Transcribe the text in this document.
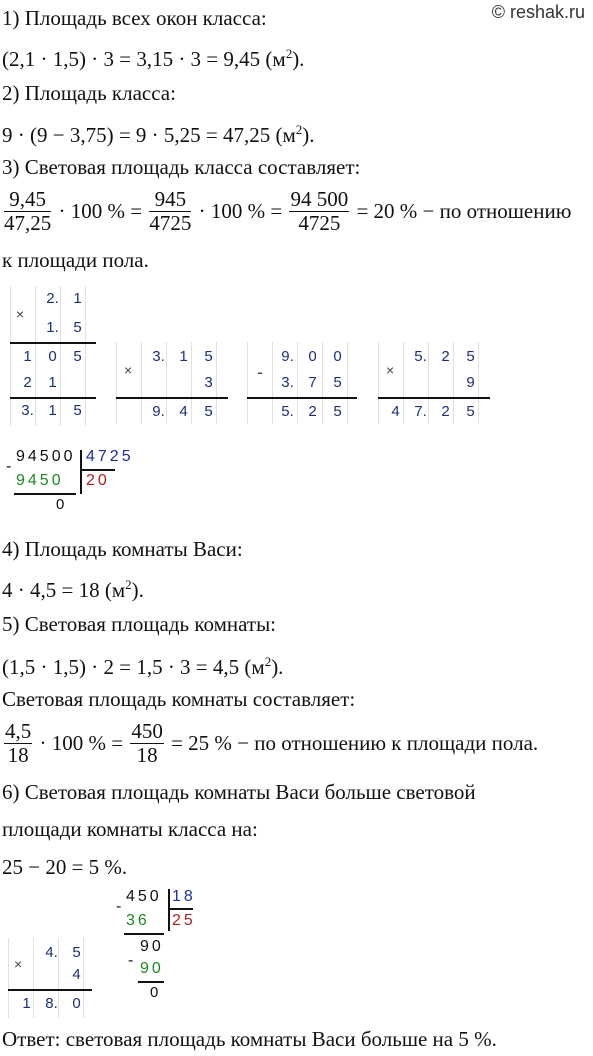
© reshak.ru
1) Площадь всех окон класса:
(2,1 · 1,5) · 3 = 3,15 · 3 = 9,45 $(м^2)$.
2) Площадь класса:
9 · (9 − 3,75) = 9 · 5,25 = 47,25 $(м^2)$.
3) Световая площадь класса составляет:
$\frac{9,45}{47,25} \cdot 100$ % = $\frac{945}{4725} \cdot 100$ % = $\frac{94 500}{4725} = 20$ % − по отношению
к площади пола.
×
2. 1
1. 5
1	0	5
2	1
3. 1	5
×
3. 1	5
3
9. 4	5
-
9. 0	0
3. 7	5
5. 2	5
×
5. 2	5
9
4 7. 2	5
-
94500 4725
9450 20
0
4) Площадь комнаты Васи:
4 · 4,5 = 18 $(м^2)$.
5) Световая площадь комнаты:
(1,5 · 1,5) · 2 = 1,5 · 3 = 4,5 $(м^2)$.
Световая площадь комнаты составляет:
$\frac{4,5}{18} \cdot 100$ % = $\frac{450}{18} = 25$ % − по отношению к площади пола.
6) Световая площадь комнаты Васи больше световой
площади комнаты класса на:
25 − 20 = 5 %.
-
450 18
36 25
-
90
90
0
×
4. 5
4
1 8. 0
Ответ: световая площадь комнаты Васи больше на 5 %.
